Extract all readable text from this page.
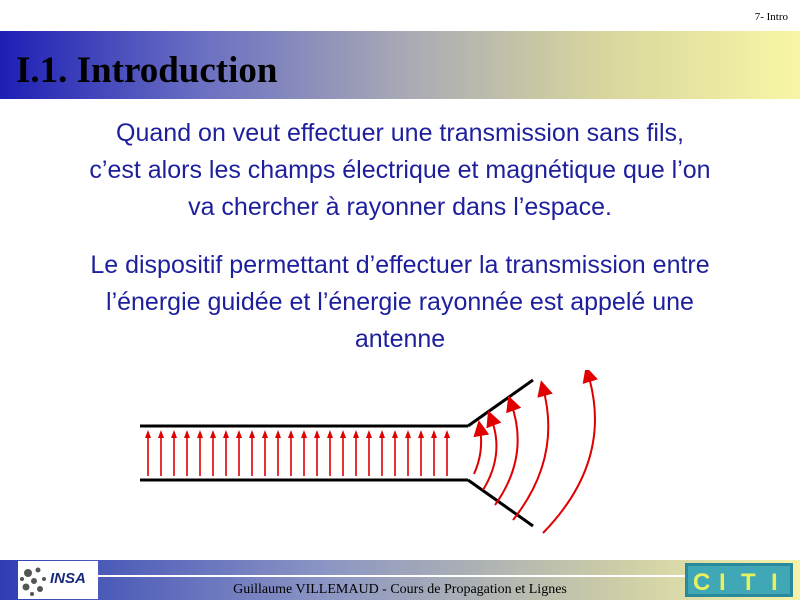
7- Intro
I.1. Introduction
Quand on veut effectuer une transmission sans fils,
c’est alors les champs électrique et magnétique que l’on
va chercher à rayonner dans l’espace.
Le dispositif permettant d’effectuer la transmission entre
l’énergie guidée et l’énergie rayonnée est appelé une
antenne
INSA
Guillaume VILLEMAUD - Cours de Propagation et Lignes	C I T I
